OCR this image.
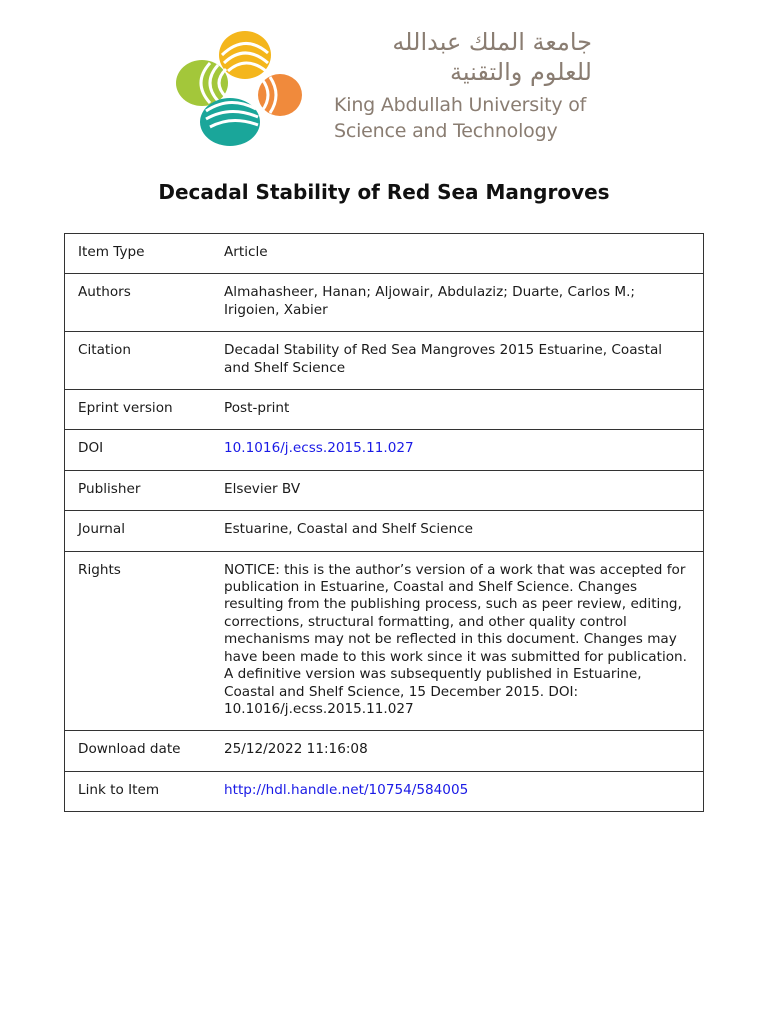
جامعة الملك عبدالله
للعلوم والتقنية
King Abdullah University of
Science and Technology
Decadal Stability of Red Sea Mangroves
Item Type	Article
Authors	Almahasheer, Hanan; Aljowair, Abdulaziz; Duarte, Carlos M.; Irigoien, Xabier
Citation	Decadal Stability of Red Sea Mangroves 2015 Estuarine, Coastal and Shelf Science
Eprint version	Post-print
DOI	10.1016/j.ecss.2015.11.027
Publisher	Elsevier BV
Journal	Estuarine, Coastal and Shelf Science
Rights	NOTICE: this is the author’s version of a work that was accepted for publication in Estuarine, Coastal and Shelf Science. Changes resulting from the publishing process, such as peer review, editing, corrections, structural formatting, and other quality control mechanisms may not be reflected in this document. Changes may have been made to this work since it was submitted for publication. A definitive version was subsequently published in Estuarine, Coastal and Shelf Science, 15 December 2015. DOI: 10.1016/j.ecss.2015.11.027
Download date	25/12/2022 11:16:08
Link to Item	http://hdl.handle.net/10754/584005
